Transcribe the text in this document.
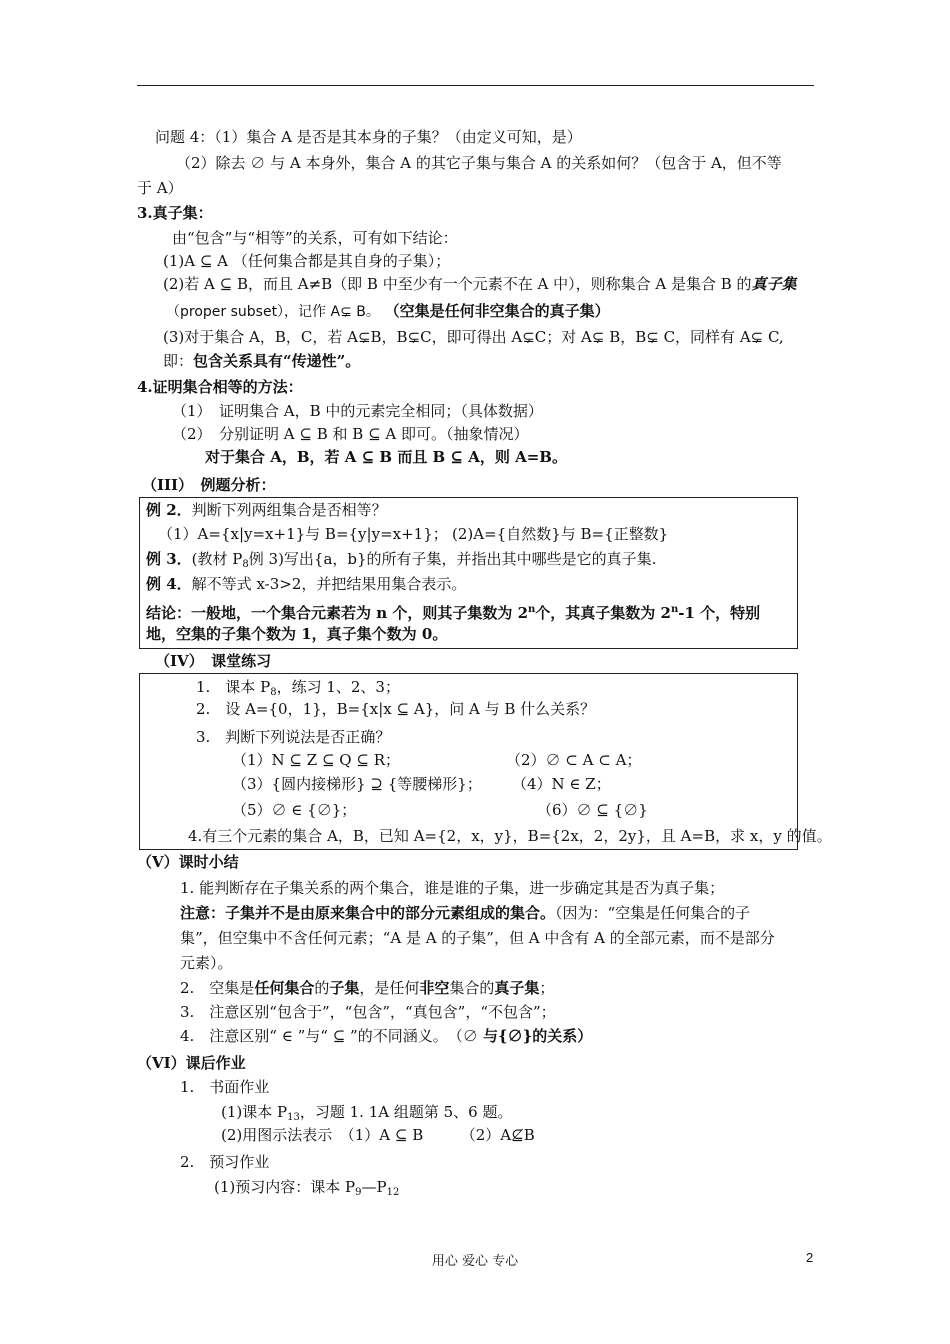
问题 4：（1）集合 A 是否是其本身的子集？（由定义可知，是）
（2）除去 ∅ 与 A 本身外，集合 A 的其它子集与集合 A 的关系如何？（包含于 A，但不等
于 A）
3.真子集：
由“包含”与“相等”的关系，可有如下结论：
(1)A ⊆ A （任何集合都是其自身的子集）；
(2)若 A ⊆ B，而且 A≠B（即 B 中至少有一个元素不在 A 中），则称集合 A 是集合 B 的真子集
（proper subset），记作 A⊊ B。 （空集是任何非空集合的真子集）
(3)对于集合 A，B，C，若 A⊊B，B⊊C，即可得出 A⊊C；对 A⊊ B，B⊊ C，同样有 A⊊ C,
即：包含关系具有“传递性”。
4.证明集合相等的方法：
（1）　证明集合 A，B 中的元素完全相同；（具体数据）
（2）　分别证明 A ⊆ B 和 B ⊆ A 即可。（抽象情况）
对于集合 A，B，若 A ⊆ B 而且 B ⊆ A，则 A=B。
（III）　例题分析：
例 2．判断下列两组集合是否相等？
（1）A={x|y=x+1}与 B={y|y=x+1}； (2)A={自然数}与 B={正整数}
例 3．(教材 $P_8$例 3)写出{a，b}的所有子集，并指出其中哪些是它的真子集.
例 4．解不等式 x-3>2，并把结果用集合表示。
结论：一般地，一个集合元素若为 n 个，则其子集数为 2$^n$个，其真子集数为 2$^n$-1 个，特别
地，空集的子集个数为 1，真子集个数为 0。
（IV）　课堂练习
1.　课本 $P_8$，练习 1、2、3；
2.　设 A={0，1}，B={x|x ⊆ A}，问 A 与 B 什么关系？
3.　判断下列说法是否正确？
（1）N ⊆ Z ⊆ Q ⊆ R；	（2）∅ ⊂ A ⊂ A；
（3）{圆内接梯形} ⊇ {等腰梯形}； （4）N ∈ Z；
（5）∅ ∈ {∅}；	（6）∅ ⊆ {∅}
4.有三个元素的集合 A，B，已知 A={2，x，y}，B={2x，2，2y}，且 A=B，求 x，y 的值。
（V）课时小结
1. 能判断存在子集关系的两个集合，谁是谁的子集，进一步确定其是否为真子集；
注意：子集并不是由原来集合中的部分元素组成的集合。（因为：“空集是任何集合的子
集”，但空集中不含任何元素；“A 是 A 的子集”，但 A 中含有 A 的全部元素，而不是部分
元素）。
2.　空集是任何集合的子集，是任何非空集合的真子集；
3.　注意区别“包含于”，“包含”，“真包含”，“不包含”；
4.　注意区别“ ∈ ”与“ ⊆ ”的不同涵义。　（∅ 与{∅}的关系）
（VI）课后作业
1.　书面作业
(1)课本 $P_{13}$，习题 1. 1A 组题第 5、6 题。
(2)用图示法表示　（1）A ⊆ B　　　（2）A⊈B
2.　预习作业
(1)预习内容：课本 $P_9—P_{12}$
用心 爱心 专心	2
